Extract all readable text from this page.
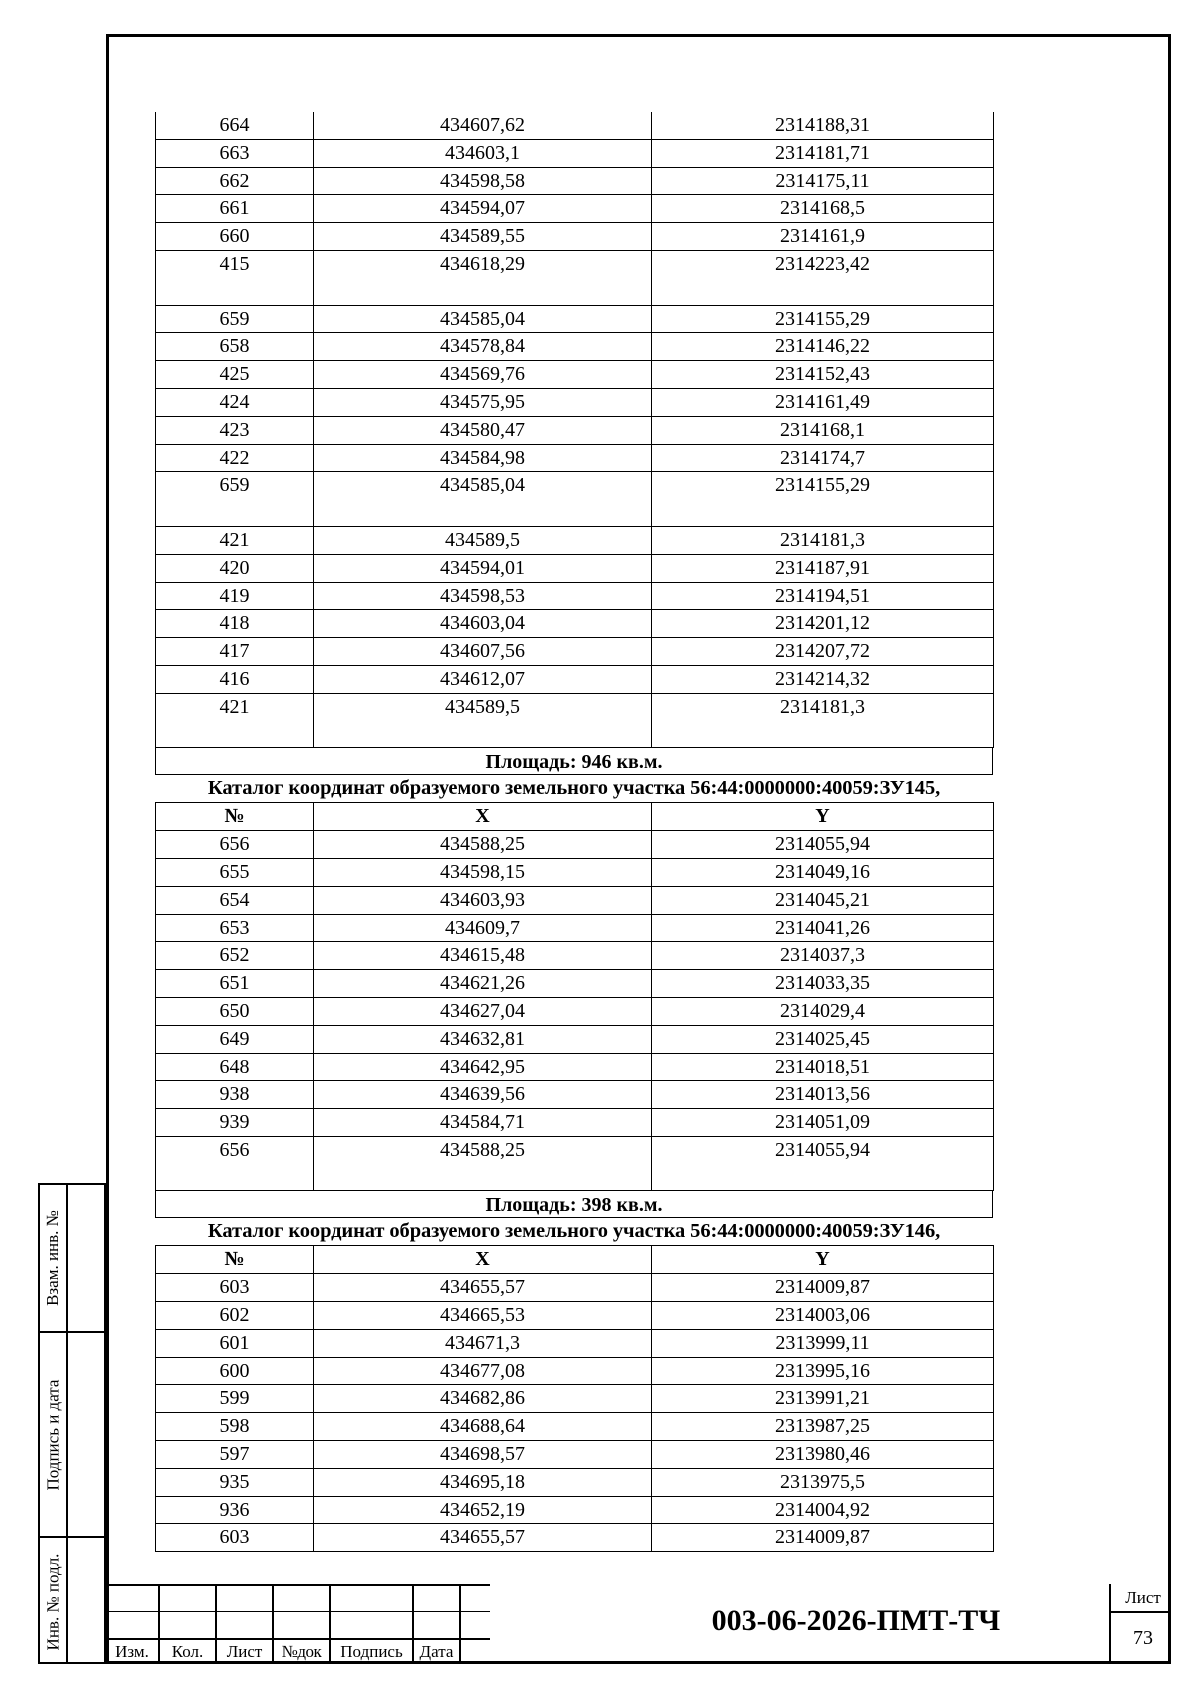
664	434607,62	2314188,31
663	434603,1	2314181,71
662	434598,58	2314175,11
661	434594,07	2314168,5
660	434589,55	2314161,9
415	434618,29	2314223,42
659	434585,04	2314155,29
658	434578,84	2314146,22
425	434569,76	2314152,43
424	434575,95	2314161,49
423	434580,47	2314168,1
422	434584,98	2314174,7
659	434585,04	2314155,29
421	434589,5	2314181,3
420	434594,01	2314187,91
419	434598,53	2314194,51
418	434603,04	2314201,12
417	434607,56	2314207,72
416	434612,07	2314214,32
421	434589,5	2314181,3
Площадь: 946 кв.м.
Каталог координат образуемого земельного участка 56:44:0000000:40059:ЗУ145,
№	X	Y
656	434588,25	2314055,94
655	434598,15	2314049,16
654	434603,93	2314045,21
653	434609,7	2314041,26
652	434615,48	2314037,3
651	434621,26	2314033,35
650	434627,04	2314029,4
649	434632,81	2314025,45
648	434642,95	2314018,51
938	434639,56	2314013,56
939	434584,71	2314051,09
656	434588,25	2314055,94
Площадь: 398 кв.м.
Каталог координат образуемого земельного участка 56:44:0000000:40059:ЗУ146,
№	X	Y
603	434655,57	2314009,87
602	434665,53	2314003,06
601	434671,3	2313999,11
600	434677,08	2313995,16
599	434682,86	2313991,21
598	434688,64	2313987,25
597	434698,57	2313980,46
935	434695,18	2313975,5
936	434652,19	2314004,92
603	434655,57	2314009,87
Взам. инв. №
Подпись и дата
Инв. № подл.
Изм.	Кол.	Лист	№док	Подпись Дата
003-06-2026-ПМТ-ТЧ
Лист
73
